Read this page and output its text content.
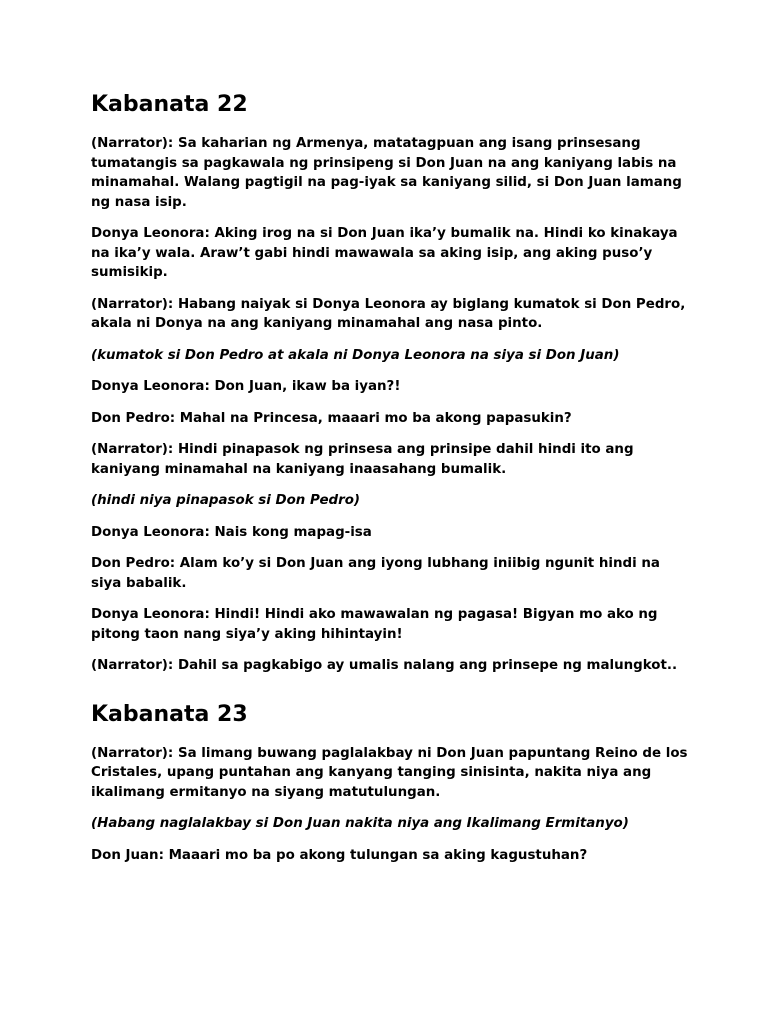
Kabanata 22

(Narrator): Sa kaharian ng Armenya, matatagpuan ang isang prinsesang tumatangis sa pagkawala ng prinsipeng si Don Juan na ang kaniyang labis na minamahal. Walang pagtigil na pag-iyak sa kaniyang silid, si Don Juan lamang ng nasa isip.

Donya Leonora: Aking irog na si Don Juan ika’y bumalik na. Hindi ko kinakaya na ika’y wala. Araw’t gabi hindi mawawala sa aking isip, ang aking puso’y sumisikip.

(Narrator): Habang naiyak si Donya Leonora ay biglang kumatok si Don Pedro, akala ni Donya na ang kaniyang minamahal ang nasa pinto.

(kumatok si Don Pedro at akala ni Donya Leonora na siya si Don Juan)

Donya Leonora: Don Juan, ikaw ba iyan?!

Don Pedro: Mahal na Princesa, maaari mo ba akong papasukin?

(Narrator): Hindi pinapasok ng prinsesa ang prinsipe dahil hindi ito ang kaniyang minamahal na kaniyang inaasahang bumalik.

(hindi niya pinapasok si Don Pedro)

Donya Leonora: Nais kong mapag-isa

Don Pedro: Alam ko’y si Don Juan ang iyong lubhang iniibig ngunit hindi na siya babalik.

Donya Leonora: Hindi! Hindi ako mawawalan ng pagasa! Bigyan mo ako ng pitong taon nang siya’y aking hihintayin!

(Narrator): Dahil sa pagkabigo ay umalis nalang ang prinsepe ng malungkot..

Kabanata 23

(Narrator): Sa limang buwang paglalakbay ni Don Juan papuntang Reino de los Cristales, upang puntahan ang kanyang tanging sinisinta, nakita niya ang ikalimang ermitanyo na siyang matutulungan.

(Habang naglalakbay si Don Juan nakita niya ang Ikalimang Ermitanyo)

Don Juan: Maaari mo ba po akong tulungan sa aking kagustuhan?
